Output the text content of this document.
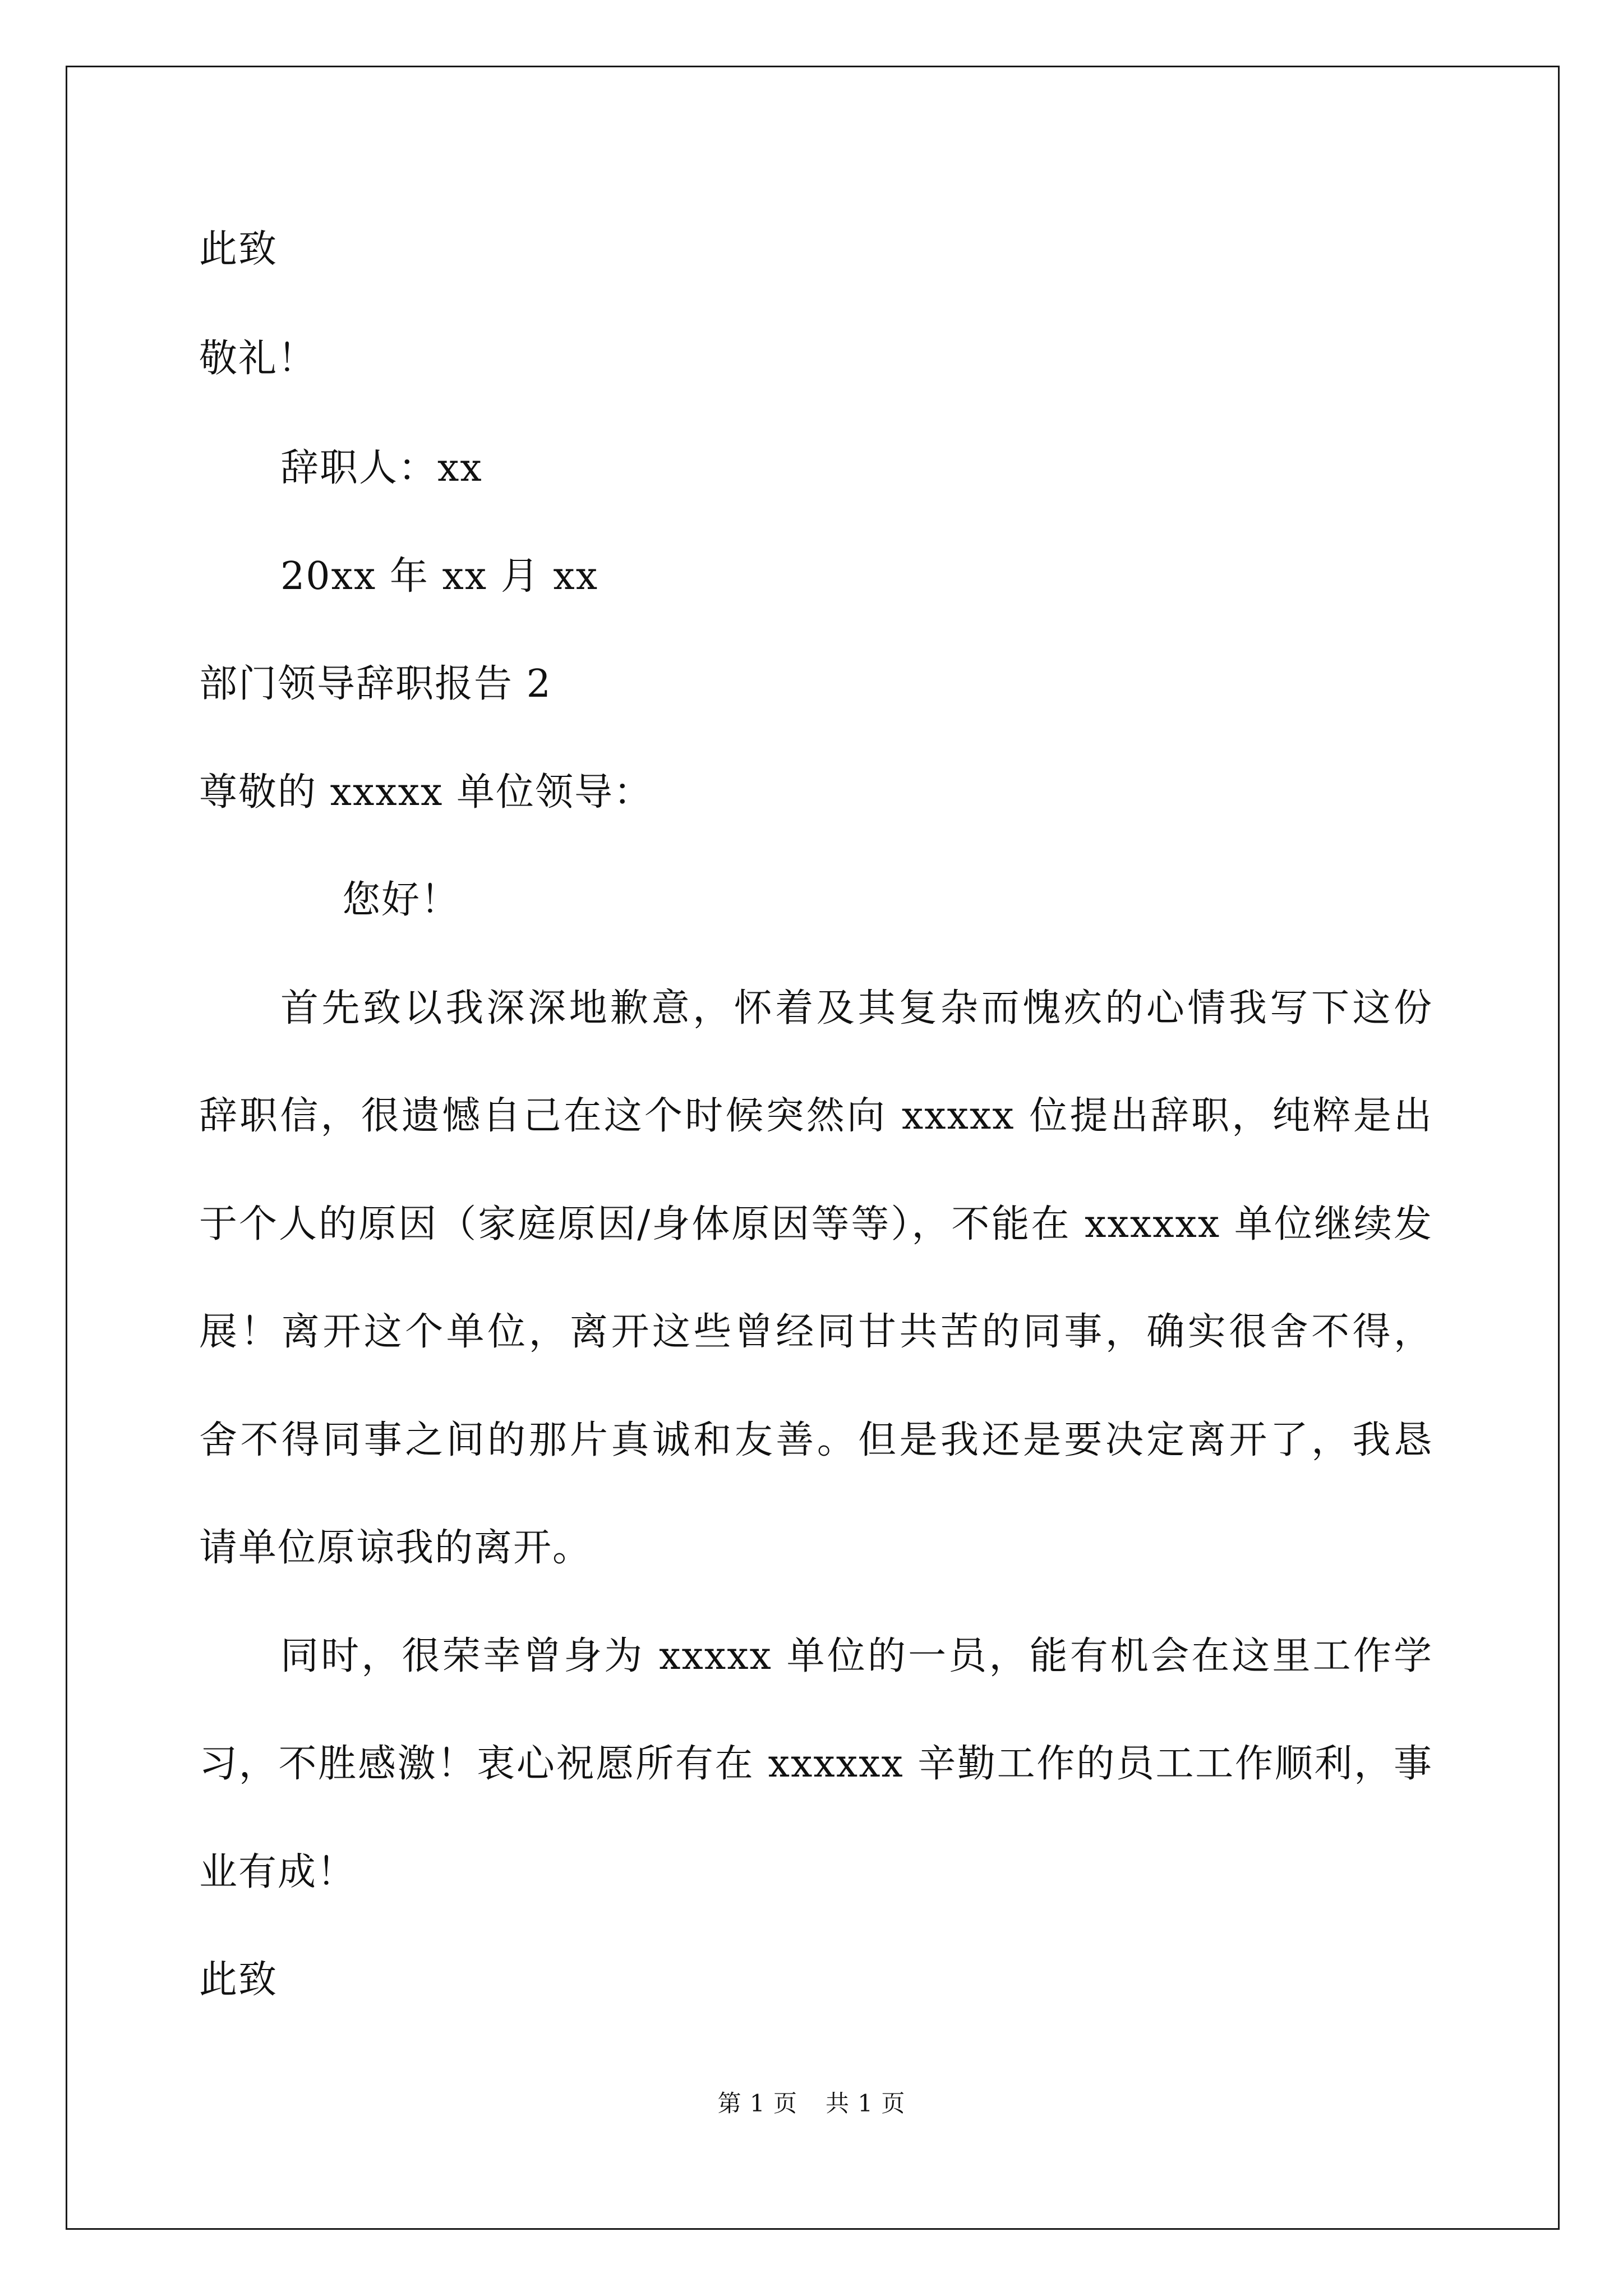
此致
敬礼！
辞职人：xx
20xx 年 xx 月 xx
部门领导辞职报告 2
尊敬的 xxxxx 单位领导：
您好！
首先致以我深深地歉意，怀着及其复杂而愧疚的心情我写下这份
辞职信，很遗憾自己在这个时候突然向 xxxxx 位提出辞职，纯粹是出
于个人的原因（家庭原因/身体原因等等），不能在 xxxxxx 单位继续发
展！离开这个单位，离开这些曾经同甘共苦的同事，确实很舍不得，
舍不得同事之间的那片真诚和友善。但是我还是要决定离开了，我恳
请单位原谅我的离开。
同时，很荣幸曾身为 xxxxx 单位的一员，能有机会在这里工作学
习，不胜感激！衷心祝愿所有在 xxxxxx 辛勤工作的员工工作顺利，事
业有成！
此致
第 1 页 共 1 页
